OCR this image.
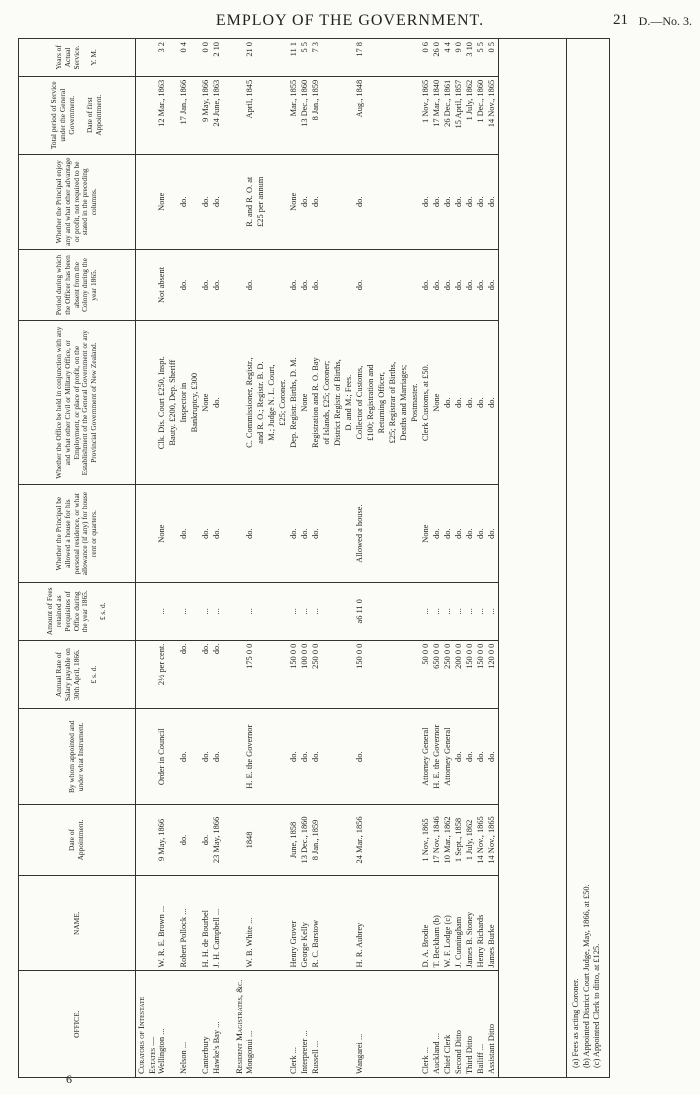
EMPLOY OF THE GOVERNMENT.	21 D.—No. 3.
OFFICE.	NAME.	Date of Appointment.	By whom appointed and under what Instrument.	Annual Rate of Salary payable on 30th April, 1866. £ s. d.	Amount of Fees retained as Perquisites of Office during the year 1865. £ s. d.	Whether the Principal be allowed a house for his personal residence, or what allowance (if any) for house rent or quarters.	Whether the Office be held in conjunction with any and what other Civil or Military Office, or Employment, or place of profit, on the Establishment of the General Government or any Provincial Government of New Zealand.	Period during which the Officer has been absent from the Colony during the year 1865.	Whether the Principal enjoy any and what other advantage or profit, not required to be stated in the preceding columns.	Total period of Service under the General Government. Date of first Appointment.	Years of Actual Service. Y. M.
Curators of Intestate Estates —											
Wellington ...	W. R. E. Brown ...	9 May, 1866	Order in Council	2½ per cent.	...	None	Clk. Dis. Court £250, Inspt.	Not absent	None	12 Mar., 1863	3 2
							Bauty. £200, Dep. Sheriff				
Nelson ...	Robert Pollock ...	do.	do.	do.	...	do.	Inspector in	do.	do.	17 Jan., 1866	0 4
							Bankruptcy, £300				
Canterbury	H. H. de Bourbel	do.	do.	do.	...	do.	None	do.	do.	9 May, 1866	0 0
Hawke's Bay ...	J. H. Campbell ...	23 May, 1866	do.	do.	...	do.	do.	do.	do.	24 June, 1863	2 10

Resident Magistrates, &c.											
Mongonui ...	W. B. White ...	1848	H. E. the Governor	175 0 0	...	do.	C. Commissioner, Registr.,	do.	R. and R. O. at	April, 1845	21 0
							and R. O.; Registr. B. D.		£25 per annum		
							M.; Judge N. L. Court,				
							£25; Coroner.				
Clerk ...	Henry Grover	June, 1858	do.	150 0 0	...	do.	Dep. Registr. Births, D. M.	do.	None	Mar., 1855	11 1
Interpreter ...	George Kelly	13 Dec., 1860	do.	100 0 0	...	do.	None	do.	do.	13 Dec., 1860	5 5
Russell ...	R. C. Barstow	8 Jan., 1859	do.	250 0 0	...	do.	Registration and R. O. Bay	do.	do.	8 Jan., 1859	7 3
							of Islands, £25; Coroner;				
							District Registr. of Births,				
							D. and M.; Fees.				
Wangarei ...	H. R. Aubrey	24 Mar., 1856	do.	150 0 0	a6 11 0	Allowed a house.	Collector of Customs,	do.	do.	Aug., 1848	17 8
							£100; Registration and				
							Returning Officer,				
							£25; Registrar of Births,				
							Deaths and Marriages;				
							Postmaster.				
Clerk ...	D. A. Brodie	1 Nov., 1865	Attorney General	50 0 0	...	None	Clerk Customs, at £50.	do.	do.	1 Nov., 1865	0 6
Auckland ...	T. Beckham (b)	17 Nov., 1846	H. E. the Governor	650 0 0	...	do.	None	do.	do.	17 Mar., 1840	26 0
Chief Clerk	W. F. Lodge (c)	10 Mar., 1862	Attorney General	250 0 0	...	do.	do.	do.	do.	26 Dec., 1861	4 4
Second Ditto	J. Cunningham	1 Sept., 1858	do.	200 0 0	...	do.	do.	do.	do.	15 April, 1857	9 0
Third Ditto	James B. Stoney	1 July, 1862	do.	150 0 0	...	do.	do.	do.	do.	1 July, 1862	3 10
Bailiff ...	Henry Richards	14 Nov., 1865	do.	150 0 0	...	do.	do.	do.	do.	1 Dec., 1860	5 5
Assistant Ditto	James Burke	14 Nov., 1865	do.	120 0 0	...	do.	do.	do.	do.	14 Nov., 1865	0 5
(a) Fees as acting Coroner. (b) Appointed District Court Judge, May, 1866, at £50. (c) Appointed Clerk to ditto, at £125.
6
